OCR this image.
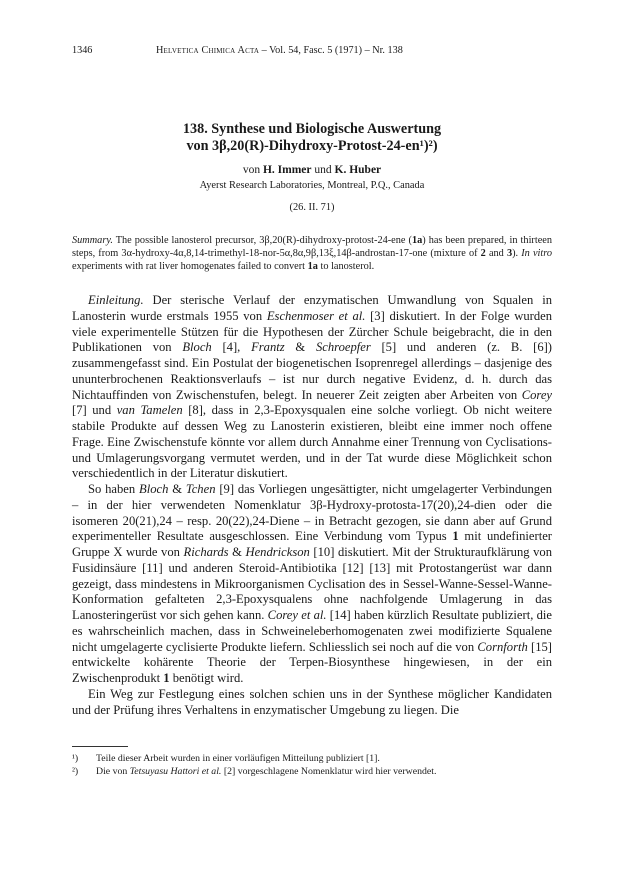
1346	Helvetica Chimica Acta – Vol. 54, Fasc. 5 (1971) – Nr. 138
138. Synthese und Biologische Auswertung
von 3β,20(R)-Dihydroxy-Protost-24-en¹)²)
von H. Immer und K. Huber
Ayerst Research Laboratories, Montreal, P.Q., Canada
(26. II. 71)

Summary. The possible lanosterol precursor, 3β,20(R)-dihydroxy-protost-24-ene (1a) has been prepared, in thirteen steps, from 3α-hydroxy-4α,8,14-trimethyl-18-nor-5α,8α,9β,13ξ,14β-androstan-17-one (mixture of 2 and 3). In vitro experiments with rat liver homogenates failed to convert 1a to lanosterol.

Einleitung. Der sterische Verlauf der enzymatischen Umwandlung von Squalen in Lanosterin wurde erstmals 1955 von Eschenmoser et al. [3] diskutiert. In der Folge wurden viele experimentelle Stützen für die Hypothesen der Zürcher Schule beigebracht, die in den Publikationen von Bloch [4], Frantz & Schroepfer [5] und anderen (z. B. [6]) zusammengefasst sind. Ein Postulat der biogenetischen Isoprenregel allerdings – dasjenige des ununterbrochenen Reaktionsverlaufs – ist nur durch negative Evidenz, d. h. durch das Nichtauffinden von Zwischenstufen, belegt. In neuerer Zeit zeigten aber Arbeiten von Corey [7] und van Tamelen [8], dass in 2,3-Epoxysqualen eine solche vorliegt. Ob nicht weitere stabile Produkte auf dessen Weg zu Lanosterin existieren, bleibt eine immer noch offene Frage. Eine Zwischenstufe könnte vor allem durch Annahme einer Trennung von Cyclisations- und Umlagerungsvorgang vermutet werden, und in der Tat wurde diese Möglichkeit schon verschiedentlich in der Literatur diskutiert.

So haben Bloch & Tchen [9] das Vorliegen ungesättigter, nicht umgelagerter Verbindungen – in der hier verwendeten Nomenklatur 3β-Hydroxy-protosta-17(20),24-dien oder die isomeren 20(21),24 – resp. 20(22),24-Diene – in Betracht gezogen, sie dann aber auf Grund experimenteller Resultate ausgeschlossen. Eine Verbindung vom Typus 1 mit undefinierter Gruppe X wurde von Richards & Hendrickson [10] diskutiert. Mit der Strukturaufklärung von Fusidinsäure [11] und anderen Steroid-Antibiotika [12] [13] mit Protostangerüst war dann gezeigt, dass mindestens in Mikroorganismen Cyclisation des in Sessel-Wanne-Sessel-Wanne-Konformation gefalteten 2,3-Epoxysqualens ohne nachfolgende Umlagerung in das Lanosteringerüst vor sich gehen kann. Corey et al. [14] haben kürzlich Resultate publiziert, die es wahrscheinlich machen, dass in Schweineleberhomogenaten zwei modifizierte Squalene nicht umgelagerte cyclisierte Produkte liefern. Schliesslich sei noch auf die von Cornforth [15] entwickelte kohärente Theorie der Terpen-Biosynthese hingewiesen, in der ein Zwischenprodukt 1 benötigt wird.

Ein Weg zur Festlegung eines solchen schien uns in der Synthese möglicher Kandidaten und der Prüfung ihres Verhaltens in enzymatischer Umgebung zu liegen. Die

¹)	Teile dieser Arbeit wurden in einer vorläufigen Mitteilung publiziert [1].
²)	Die von Tetsuyasu Hattori et al. [2] vorgeschlagene Nomenklatur wird hier verwendet.
